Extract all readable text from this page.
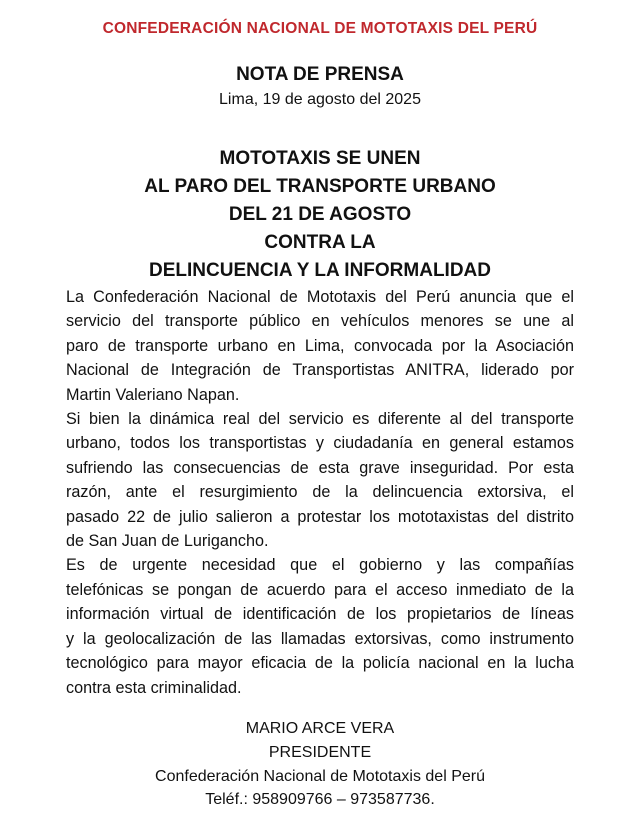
CONFEDERACIÓN NACIONAL DE MOTOTAXIS DEL PERÚ
NOTA DE PRENSA
Lima, 19 de agosto del 2025
MOTOTAXIS SE UNEN
AL PARO DEL TRANSPORTE URBANO
DEL 21 DE AGOSTO
CONTRA LA
DELINCUENCIA Y LA INFORMALIDAD
La Confederación Nacional de Mototaxis del Perú anuncia que el
servicio del transporte público en vehículos menores se une al
paro de transporte urbano en Lima, convocada por la Asociación
Nacional de Integración de Transportistas ANITRA, liderado por
Martin Valeriano Napan.
Si bien la dinámica real del servicio es diferente al del transporte
urbano, todos los transportistas y ciudadanía en general estamos
sufriendo las consecuencias de esta grave inseguridad. Por esta
razón, ante el resurgimiento de la delincuencia extorsiva, el
pasado 22 de julio salieron a protestar los mototaxistas del distrito
de San Juan de Lurigancho.
Es de urgente necesidad que el gobierno y las compañías
telefónicas se pongan de acuerdo para el acceso inmediato de la
información virtual de identificación de los propietarios de líneas
y la geolocalización de las llamadas extorsivas, como instrumento
tecnológico para mayor eficacia de la policía nacional en la lucha
contra esta criminalidad.
MARIO ARCE VERA
PRESIDENTE
Confederación Nacional de Mototaxis del Perú
Teléf.: 958909766 – 973587736.
